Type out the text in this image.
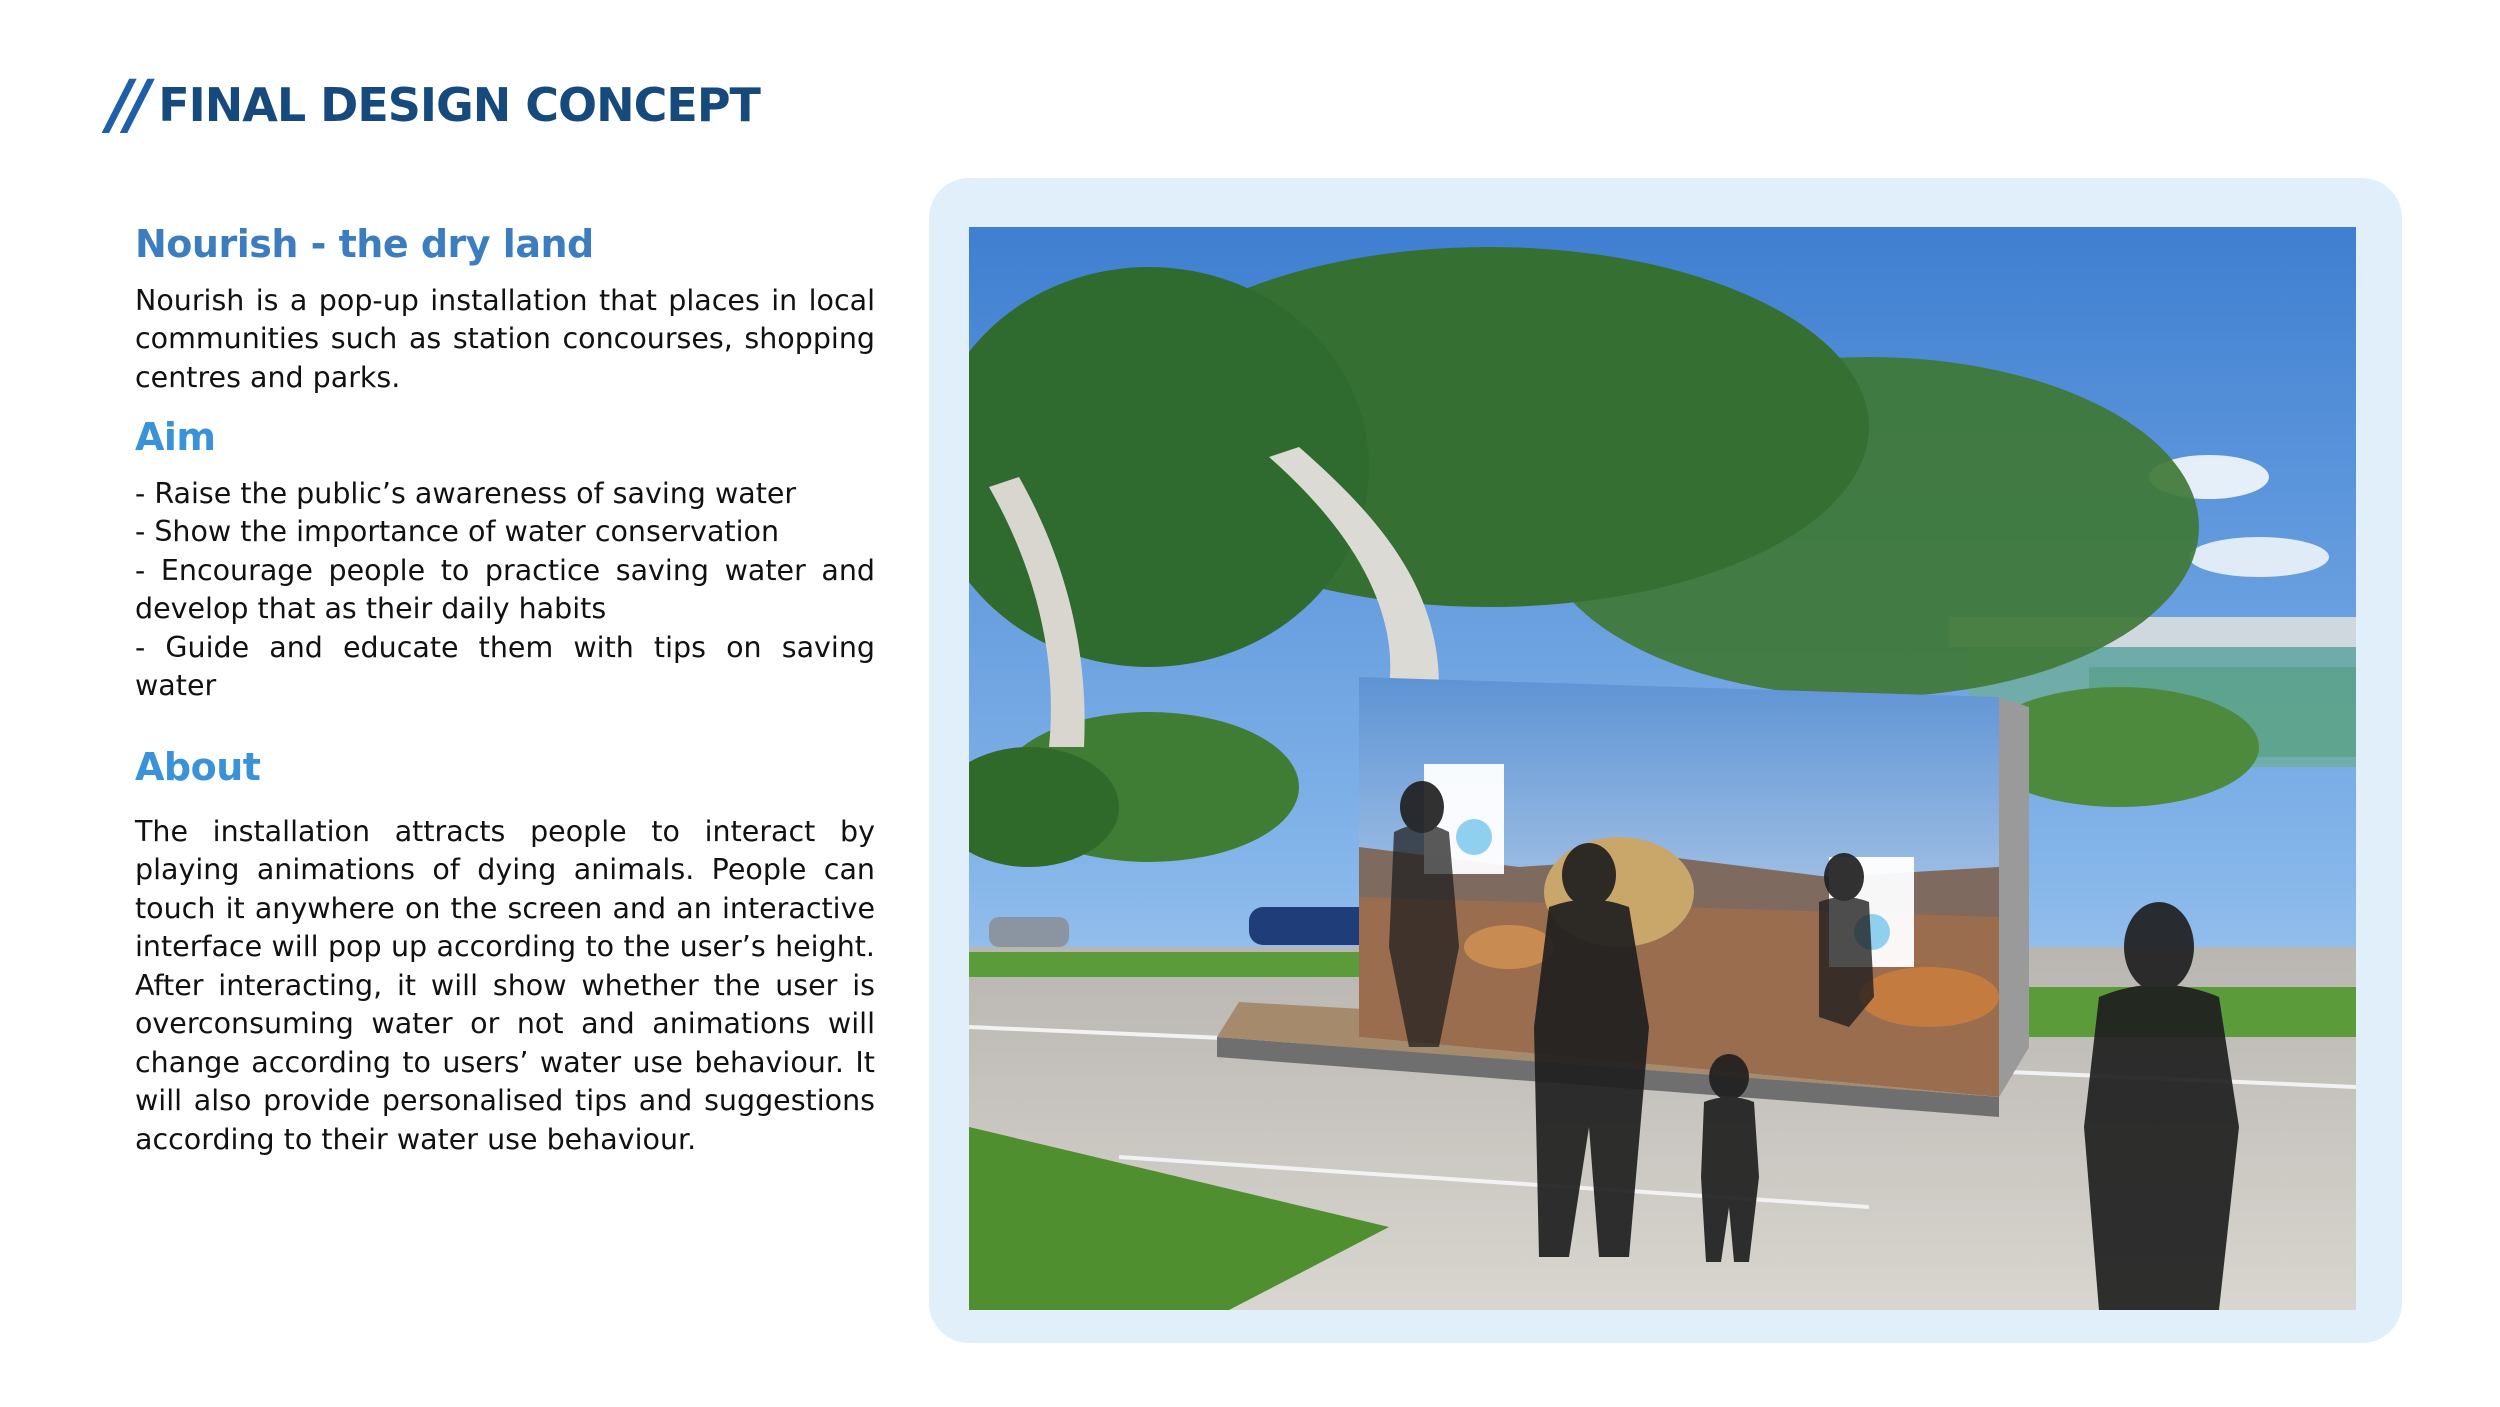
// FINAL DESIGN CONCEPT
Nourish - the dry land

Nourish is a pop-up installation that places in local communities such as station concourses, shopping centres and parks.

Aim
- Raise the public’s awareness of saving water
- Show the importance of water conservation
- Encourage people to practice saving water and develop that as their daily habits
- Guide and educate them with tips on saving water
About

The installation attracts people to interact by playing animations of dying animals. People can touch it anywhere on the screen and an interactive interface will pop up according to the user’s height. After interacting, it will show whether the user is overconsuming water or not and animations will change according to users’ water use behaviour. It will also provide personalised tips and suggestions according to their water use behaviour.
